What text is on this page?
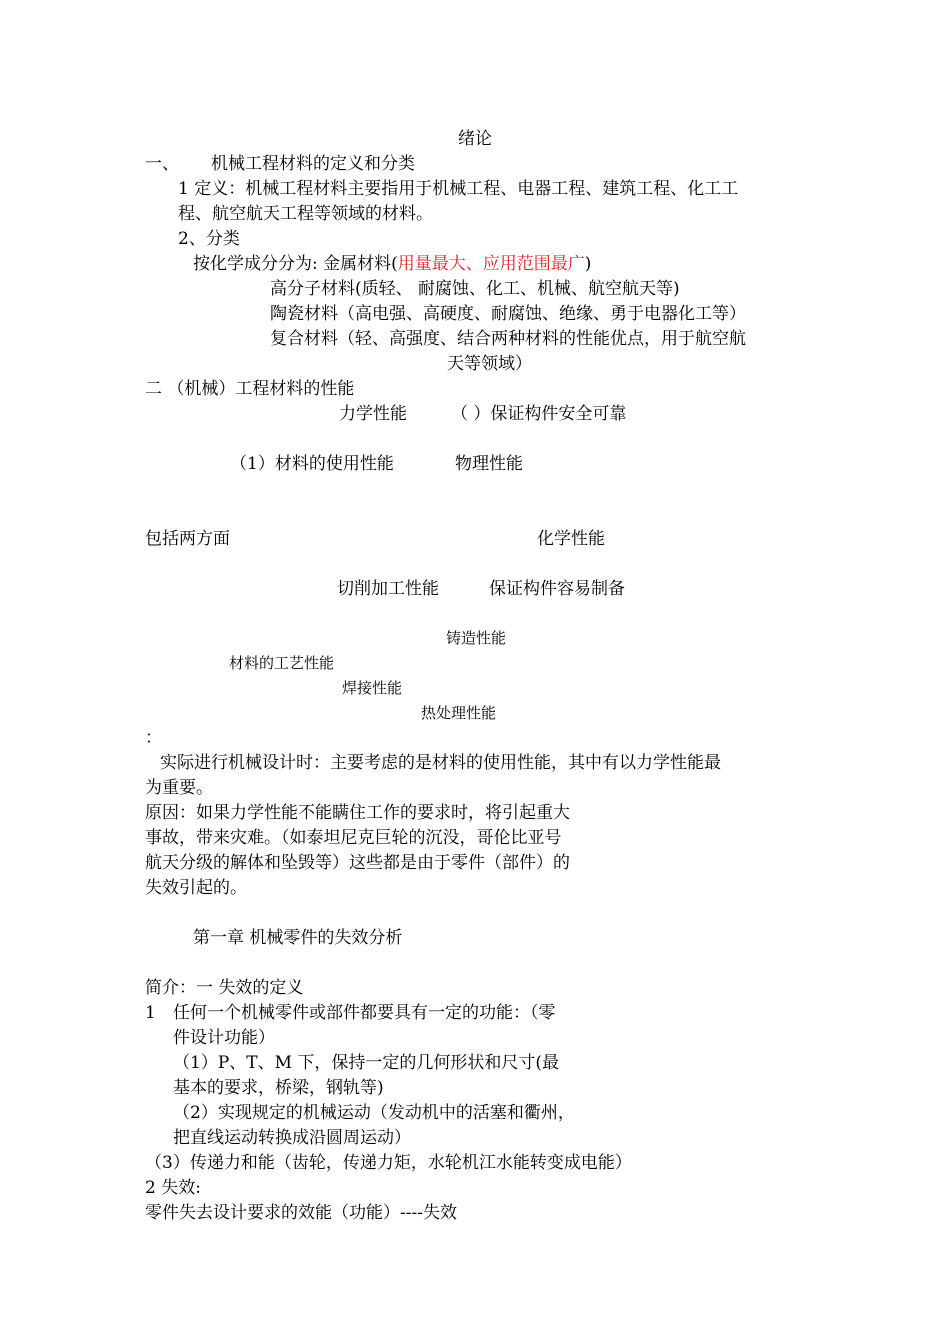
绪论
一、 机械工程材料的定义和分类
1 定义：机械工程材料主要指用于机械工程、电器工程、建筑工程、化工工
程、航空航天工程等领域的材料。
2、分类
按化学成分分为: 金属材料(用量最大、应用范围最广)
高分子材料(质轻、 耐腐蚀、化工、机械、航空航天等)
陶瓷材料（高电强、高硬度、耐腐蚀、绝缘、勇于电器化工等）
复合材料（轻、高强度、结合两种材料的性能优点，用于航空航
天等领域）
二 （机械）工程材料的性能
力学性能	（ ）保证构件安全可靠
（1）材料的使用性能	物理性能
包括两方面	化学性能
切削加工性能	保证构件容易制备
铸造性能
材料的工艺性能
焊接性能
热处理性能
：
实际进行机械设计时：主要考虑的是材料的使用性能，其中有以力学性能最
为重要。
原因：如果力学性能不能瞒住工作的要求时，将引起重大
事故，带来灾难。（如泰坦尼克巨轮的沉没，哥伦比亚号
航天分级的解体和坠毁等）这些都是由于零件（部件）的
失效引起的。
第一章 机械零件的失效分析
简介：一 失效的定义
1 任何一个机械零件或部件都要具有一定的功能：（零
件设计功能）
（1）P、T、M 下，保持一定的几何形状和尺寸(最
基本的要求，桥梁，钢轨等)
（2）实现规定的机械运动（发动机中的活塞和衢州，
把直线运动转换成沿圆周运动）
（3）传递力和能（齿轮，传递力矩，水轮机江水能转变成电能）
2 失效:
零件失去设计要求的效能（功能）----失效
